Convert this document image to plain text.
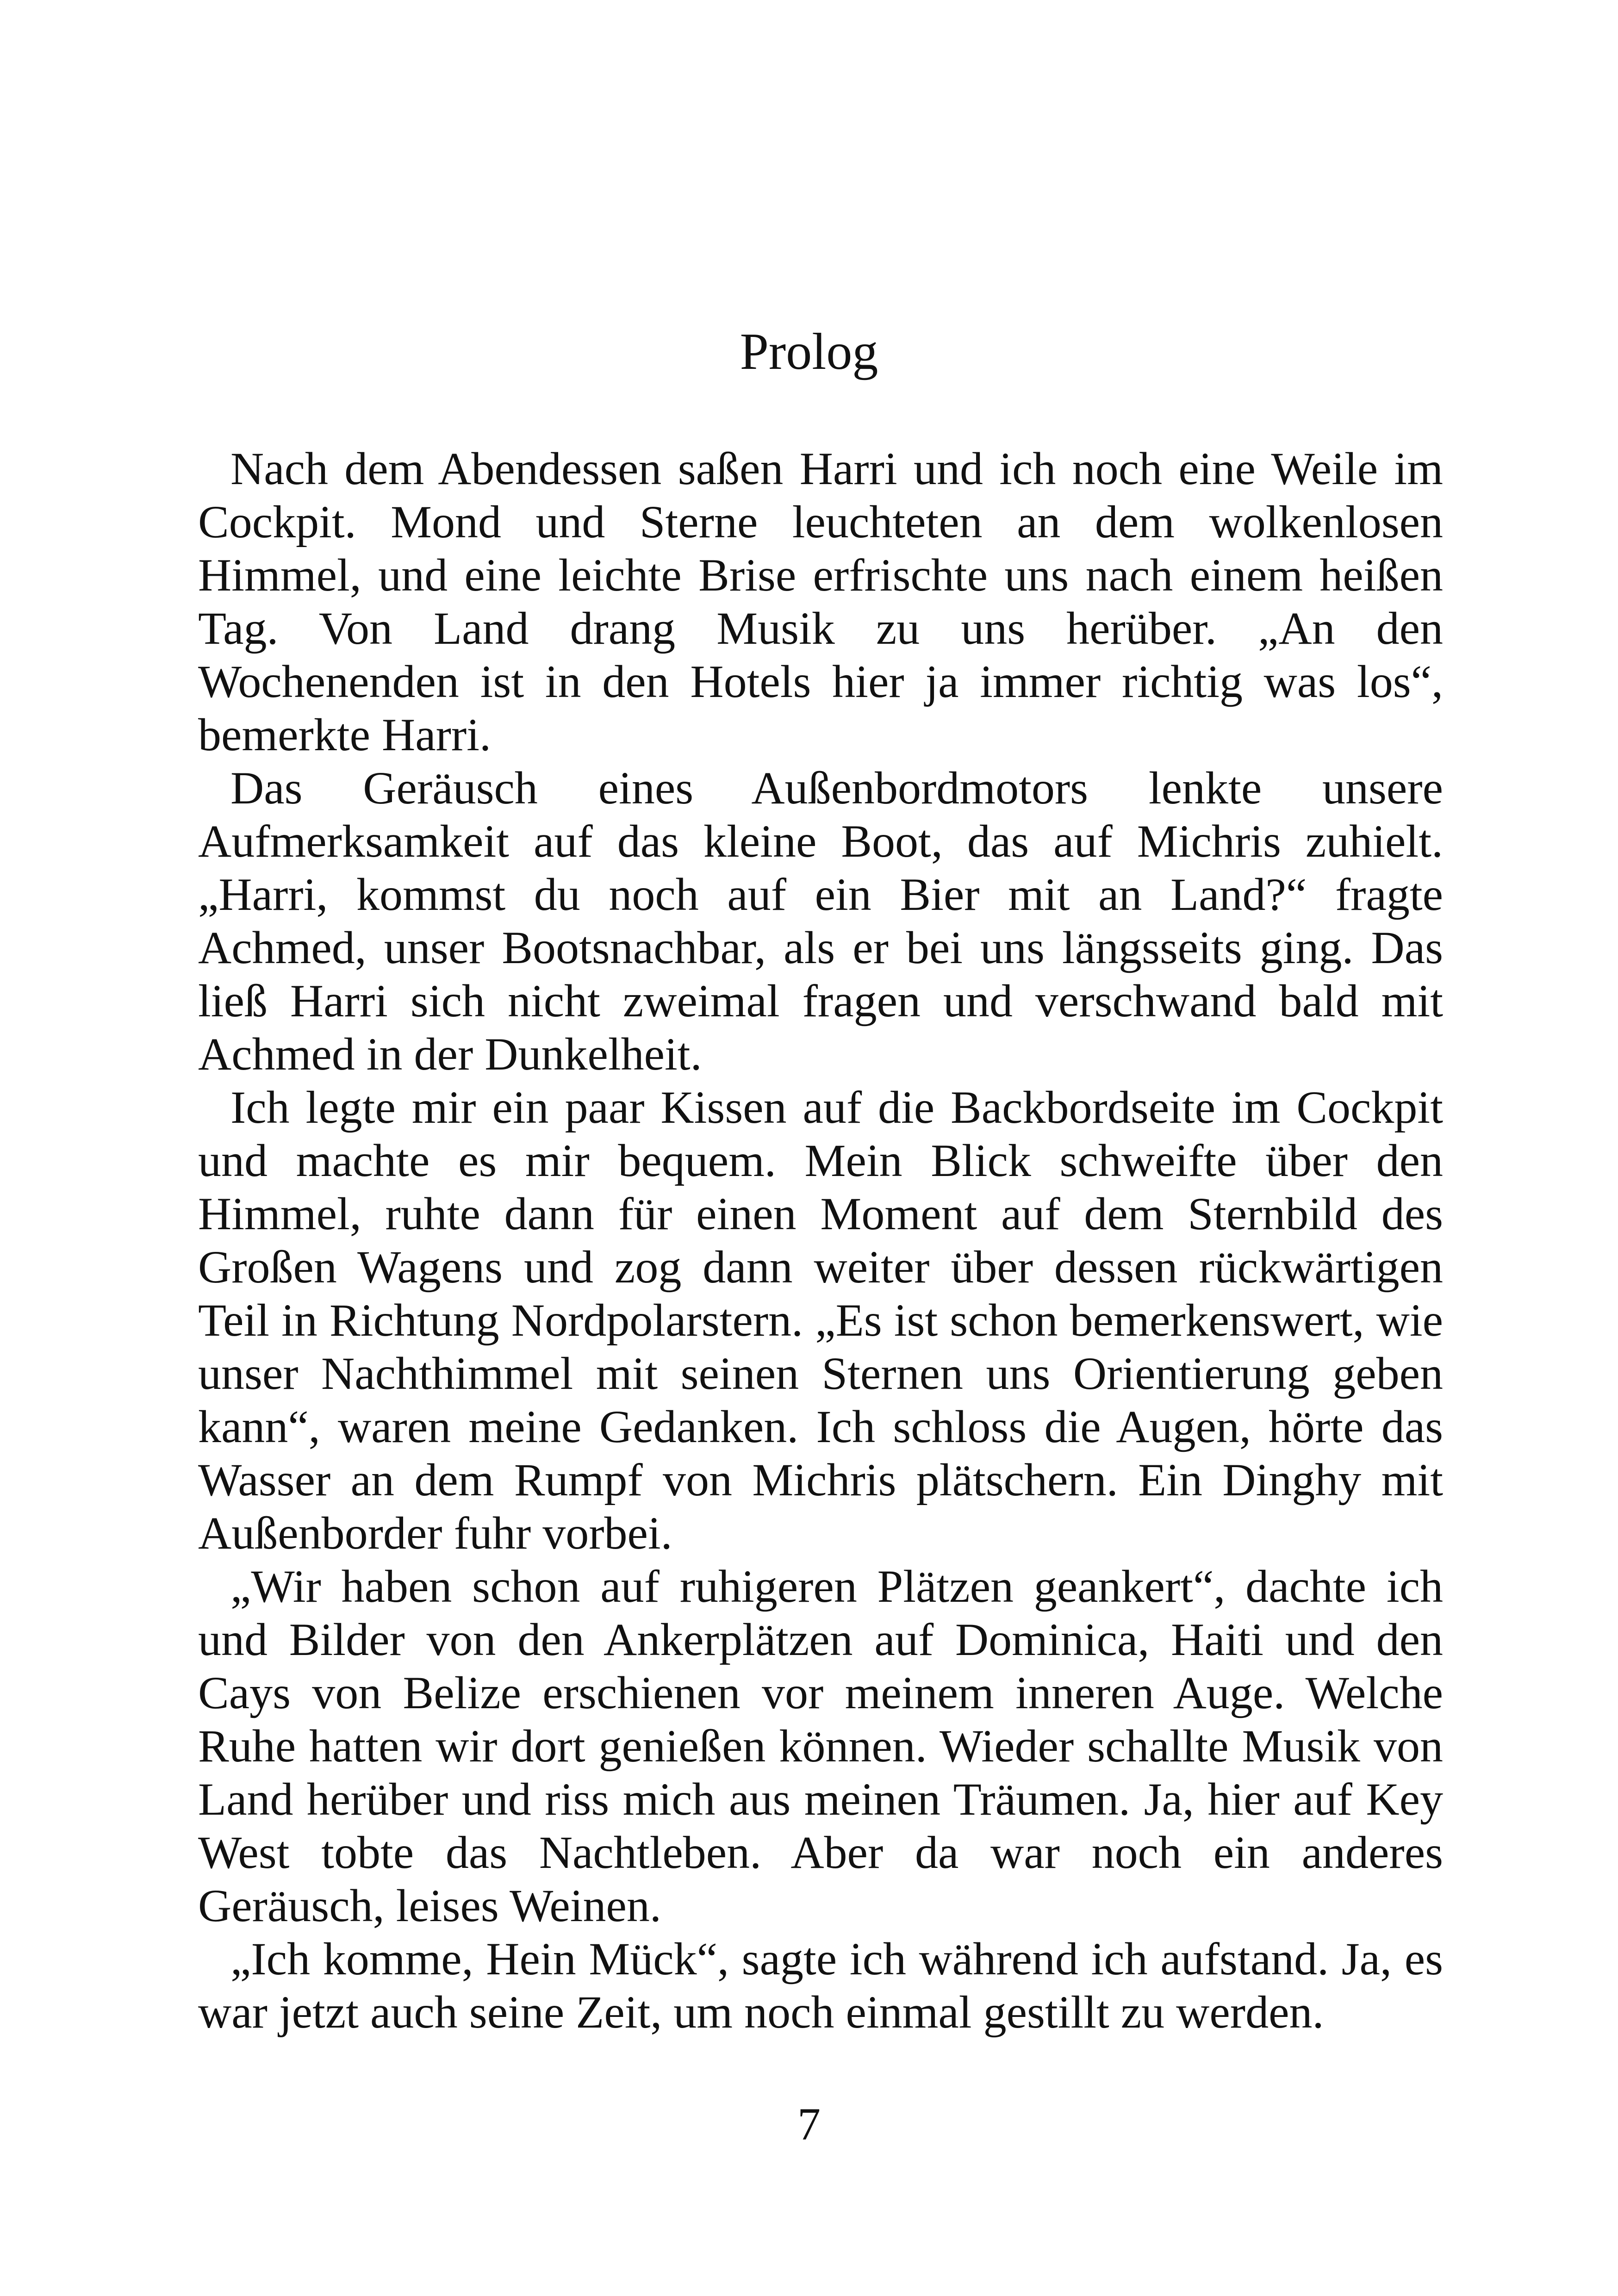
Prolog

Nach dem Abendessen saßen Harri und ich noch eine Weile im Cockpit. Mond und Sterne leuchteten an dem wolkenlosen Himmel, und eine leichte Brise erfrischte uns nach einem heißen Tag. Von Land drang Musik zu uns herüber. „An den Wochenenden ist in den Hotels hier ja immer richtig was los“, bemerkte Harri.

Das Geräusch eines Außenbordmotors lenkte unsere Aufmerksamkeit auf das kleine Boot, das auf Michris zuhielt. „Harri, kommst du noch auf ein Bier mit an Land?“ fragte Achmed, unser Bootsnachbar, als er bei uns längsseits ging. Das ließ Harri sich nicht zweimal fragen und verschwand bald mit Achmed in der Dunkelheit.

Ich legte mir ein paar Kissen auf die Backbordseite im Cockpit und machte es mir bequem. Mein Blick schweifte über den Himmel, ruhte dann für einen Moment auf dem Sternbild des Großen Wagens und zog dann weiter über dessen rückwärtigen Teil in Richtung Nordpolarstern. „Es ist schon bemerkenswert, wie unser Nachthimmel mit seinen Sternen uns Orientierung geben kann“, waren meine Gedanken. Ich schloss die Augen, hörte das Wasser an dem Rumpf von Michris plätschern. Ein Dinghy mit Außenborder fuhr vorbei.

„Wir haben schon auf ruhigeren Plätzen geankert“, dachte ich und Bilder von den Ankerplätzen auf Dominica, Haiti und den Cays von Belize erschienen vor meinem inneren Auge. Welche Ruhe hatten wir dort genießen können. Wieder schallte Musik von Land herüber und riss mich aus meinen Träumen. Ja, hier auf Key West tobte das Nachtleben. Aber da war noch ein anderes Geräusch, leises Weinen.

„Ich komme, Hein Mück“, sagte ich während ich aufstand. Ja, es war jetzt auch seine Zeit, um noch einmal gestillt zu werden.

7
